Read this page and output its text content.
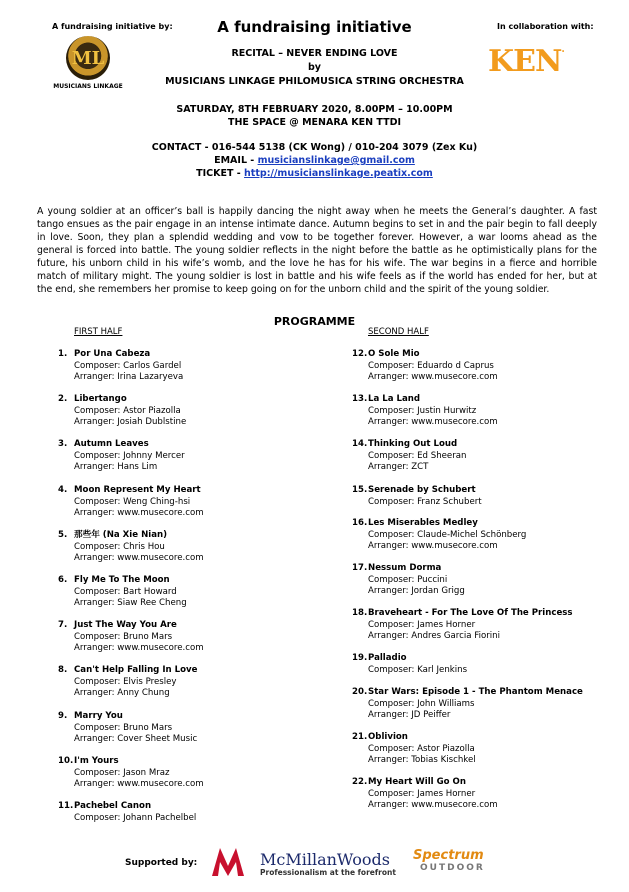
A fundraising initiative by:	In collaboration with:
A fundraising initiative
ML
MUSICIANS LINKAGE
KEN.
RECITAL – NEVER ENDING LOVE
by
MUSICIANS LINKAGE PHILOMUSICA STRING ORCHESTRA
SATURDAY, 8TH FEBRUARY 2020, 8.00PM – 10.00PM
THE SPACE @ MENARA KEN TTDI
CONTACT - 016-544 5138 (CK Wong) / 010-204 3079 (Zex Ku)
EMAIL - musicianslinkage@gmail.com
TICKET - http://musicianslinkage.peatix.com
A young soldier at an officer’s ball is happily dancing the night away when he meets the General’s daughter. A fast tango ensues as the pair engage in an intense intimate dance. Autumn begins to set in and the pair begin to fall deeply in love. Soon, they plan a splendid wedding and vow to be together forever. However, a war looms ahead as the general is forced into battle. The young soldier reflects in the night before the battle as he optimistically plans for the future, his unborn child in his wife’s womb, and the love he has for his wife. The war begins in a fierce and horrible match of military might. The young soldier is lost in battle and his wife feels as if the world has ended for her, but at the end, she remembers her promise to keep going on for the unborn child and the spirit of the young soldier.
PROGRAMME
FIRST HALF	SECOND HALF
1. Por Una Cabeza
Composer: Carlos Gardel
Arranger: Irina Lazaryeva
2. Libertango
Composer: Astor Piazolla
Arranger: Josiah Dublstine
3. Autumn Leaves
Composer: Johnny Mercer
Arranger: Hans Lim
4. Moon Represent My Heart
Composer: Weng Ching-hsi
Arranger: www.musecore.com
5. 那些年 (Na Xie Nian)
Composer: Chris Hou
Arranger: www.musecore.com
6. Fly Me To The Moon
Composer: Bart Howard
Arranger: Siaw Ree Cheng
7. Just The Way You Are
Composer: Bruno Mars
Arranger: www.musecore.com
8. Can't Help Falling In Love
Composer: Elvis Presley
Arranger: Anny Chung
9. Marry You
Composer: Bruno Mars
Arranger: Cover Sheet Music
10. I'm Yours
Composer: Jason Mraz
Arranger: www.musecore.com
11. Pachebel Canon
Composer: Johann Pachelbel
12. O Sole Mio
Composer: Eduardo d Caprus
Arranger: www.musecore.com
13. La La Land
Composer: Justin Hurwitz
Arranger: www.musecore.com
14. Thinking Out Loud
Composer: Ed Sheeran
Arranger: ZCT
15. Serenade by Schubert
Composer: Franz Schubert
16. Les Miserables Medley
Composer: Claude-Michel Schönberg
Arranger: www.musecore.com
17. Nessum Dorma
Composer: Puccini
Arranger: Jordan Grigg
18. Braveheart - For The Love Of The Princess
Composer: James Horner
Arranger: Andres Garcia Fiorini
19. Palladio
Composer: Karl Jenkins
20. Star Wars: Episode 1 - The Phantom Menace
Composer: John Williams
Arranger: JD Peiffer
21. Oblivion
Composer: Astor Piazolla
Arranger: Tobias Kischkel
22. My Heart Will Go On
Composer: James Horner
Arranger: www.musecore.com
Supported by:	McMillanWoods
Professionalism at the forefront
Spectrum
OUTDOOR
